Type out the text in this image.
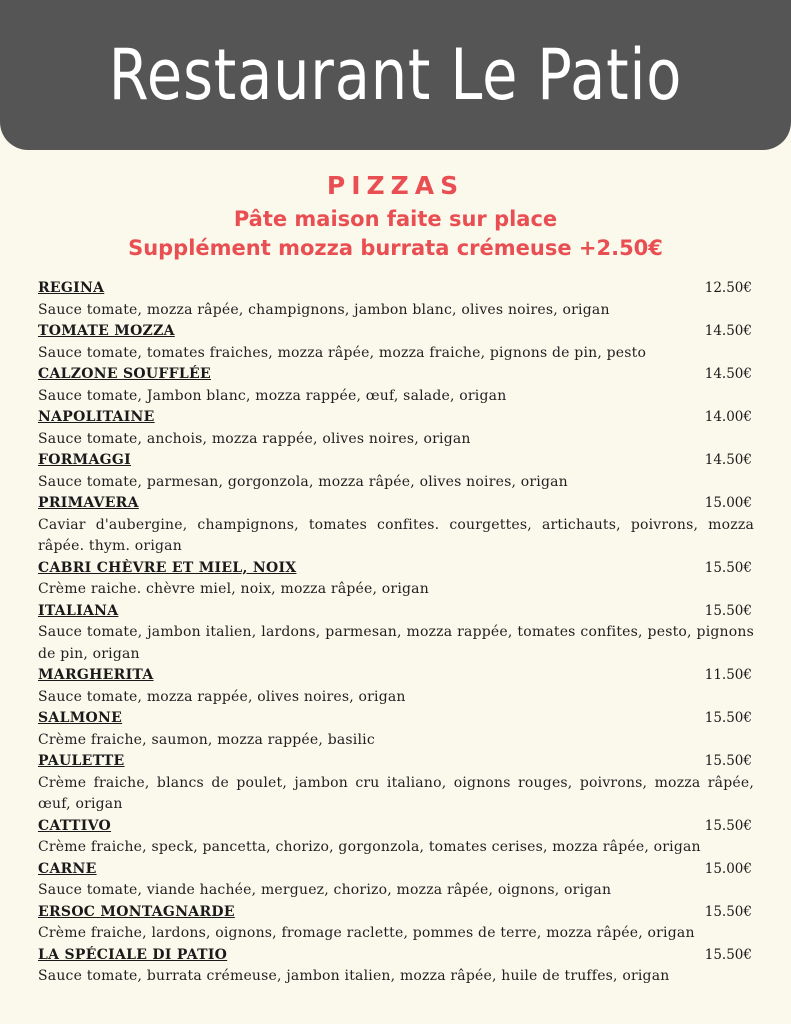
Restaurant Le Patio
PIZZAS
Pâte maison faite sur place
Supplément mozza burrata crémeuse +2.50€
REGINA	12.50€
Sauce tomate, mozza râpée, champignons, jambon blanc, olives noires, origan
TOMATE MOZZA	14.50€
Sauce tomate, tomates fraiches, mozza râpée, mozza fraiche, pignons de pin, pesto
CALZONE SOUFFLÉE	14.50€
Sauce tomate, Jambon blanc, mozza rappée, œuf, salade, origan
NAPOLITAINE	14.00€
Sauce tomate, anchois, mozza rappée, olives noires, origan
FORMAGGI	14.50€
Sauce tomate, parmesan, gorgonzola, mozza râpée, olives noires, origan
PRIMAVERA	15.00€
Caviar d'aubergine, champignons, tomates confites. courgettes, artichauts, poivrons, mozza râpée. thym. origan
CABRI CHÈVRE ET MIEL, NOIX	15.50€
Crème raiche. chèvre miel, noix, mozza râpée, origan
ITALIANA	15.50€
Sauce tomate, jambon italien, lardons, parmesan, mozza rappée, tomates confites, pesto, pignons de pin, origan
MARGHERITA	11.50€
Sauce tomate, mozza rappée, olives noires, origan
SALMONE	15.50€
Crème fraiche, saumon, mozza rappée, basilic
PAULETTE	15.50€
Crème fraiche, blancs de poulet, jambon cru italiano, oignons rouges, poivrons, mozza râpée, œuf, origan
CATTIVO	15.50€
Crème fraiche, speck, pancetta, chorizo, gorgonzola, tomates cerises, mozza râpée, origan
CARNE	15.00€
Sauce tomate, viande hachée, merguez, chorizo, mozza râpée, oignons, origan
ERSOC MONTAGNARDE	15.50€
Crème fraiche, lardons, oignons, fromage raclette, pommes de terre, mozza râpée, origan
LA SPÉCIALE DI PATIO	15.50€
Sauce tomate, burrata crémeuse, jambon italien, mozza râpée, huile de truffes, origan
